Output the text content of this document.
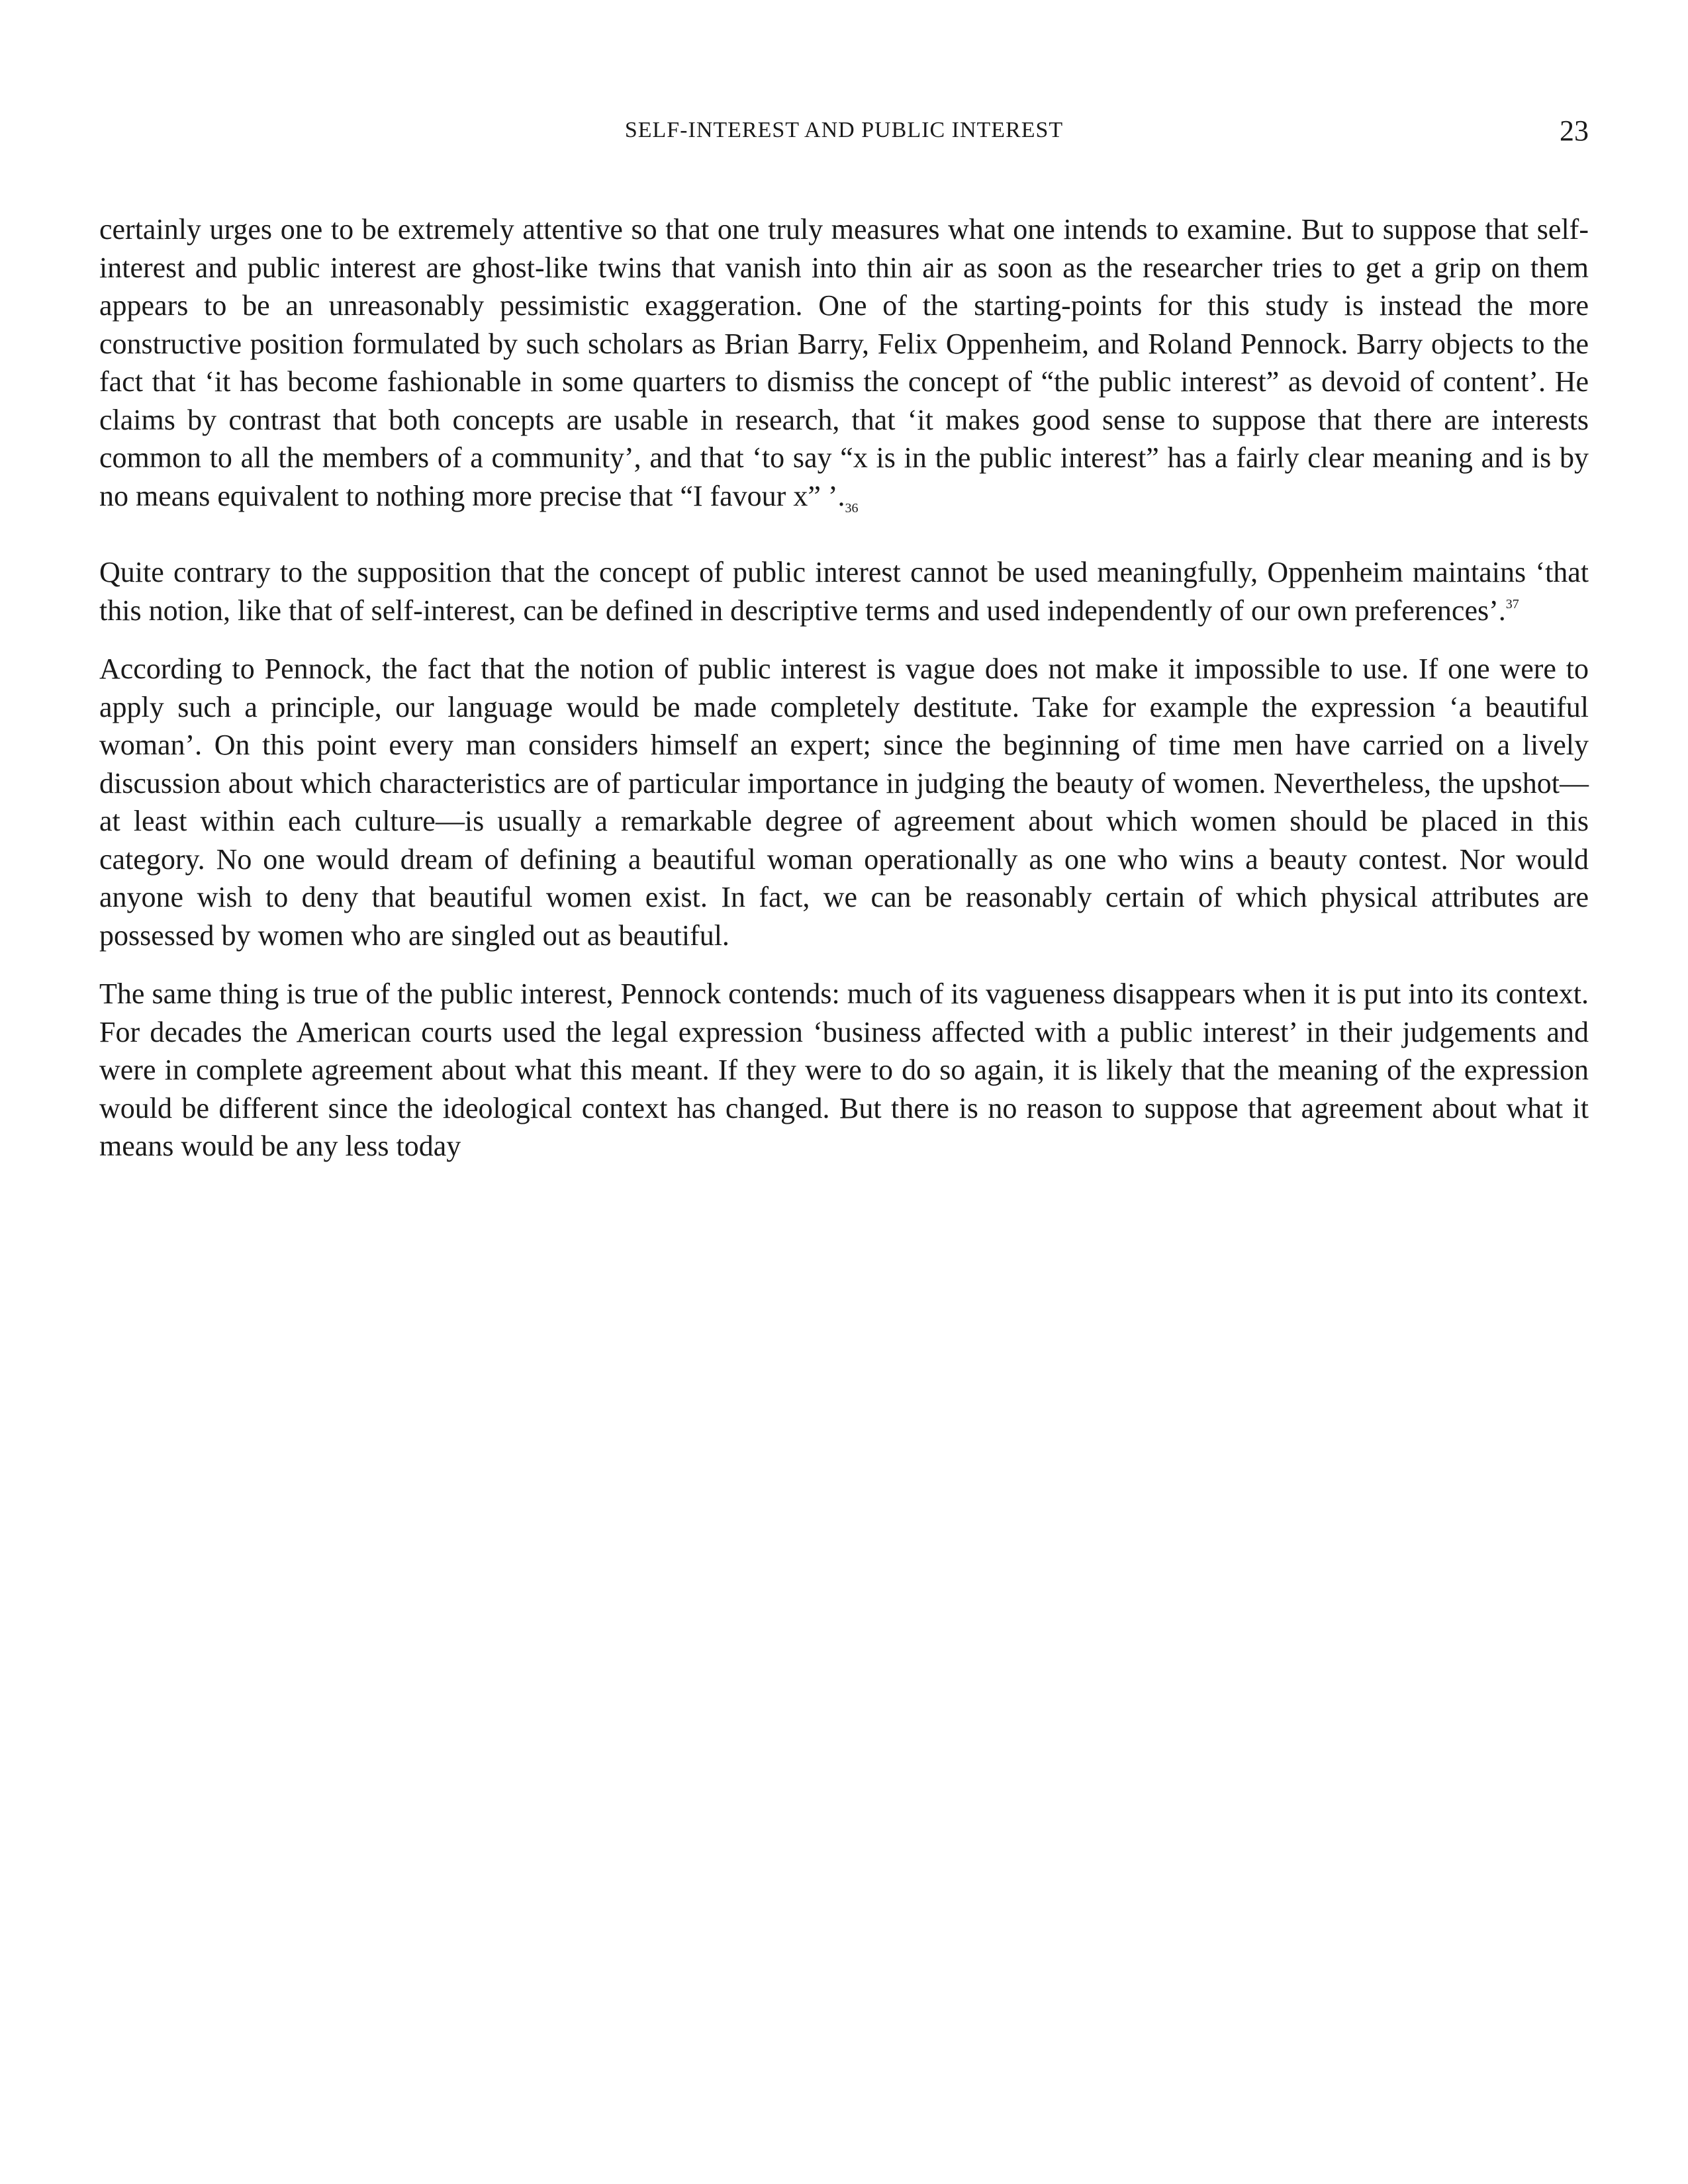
SELF-INTEREST AND PUBLIC INTEREST	23

certainly urges one to be extremely attentive so that one truly measures what one intends to examine. But to suppose that self-interest and public interest are ghost-like twins that vanish into thin air as soon as the researcher tries to get a grip on them appears to be an unreasonably pessimistic exaggeration. One of the starting-points for this study is instead the more constructive position formulated by such scholars as Brian Barry, Felix Oppenheim, and Roland Pennock. Barry objects to the fact that ‘it has become fashionable in some quarters to dismiss the concept of “the public interest” as devoid of content’. He claims by contrast that both concepts are usable in research, that ‘it makes good sense to suppose that there are interests common to all the members of a community’, and that ‘to say “x is in the public interest” has a fairly clear meaning and is by no means equivalent to nothing more precise that “I favour x” $’._{36}$

Quite contrary to the supposition that the concept of public interest cannot be used meaningfully, Oppenheim maintains ‘that this notion, like that of self-interest, can be defined in descriptive terms and used independently of our own preferences’.$^{37}$

According to Pennock, the fact that the notion of public interest is vague does not make it impossible to use. If one were to apply such a principle, our language would be made completely destitute. Take for example the expression ‘a beautiful woman’. On this point every man considers himself an expert; since the beginning of time men have carried on a lively discussion about which characteristics are of particular importance in judging the beauty of women. Nevertheless, the upshot—at least within each culture—is usually a remarkable degree of agreement about which women should be placed in this category. No one would dream of defining a beautiful woman operationally as one who wins a beauty contest. Nor would anyone wish to deny that beautiful women exist. In fact, we can be reasonably certain of which physical attributes are possessed by women who are singled out as beautiful.

The same thing is true of the public interest, Pennock contends: much of its vagueness disappears when it is put into its context. For decades the American courts used the legal expression ‘business affected with a public interest’ in their judgements and were in complete agreement about what this meant. If they were to do so again, it is likely that the meaning of the expression would be different since the ideological context has changed. But there is no reason to suppose that agreement about what it means would be any less today
